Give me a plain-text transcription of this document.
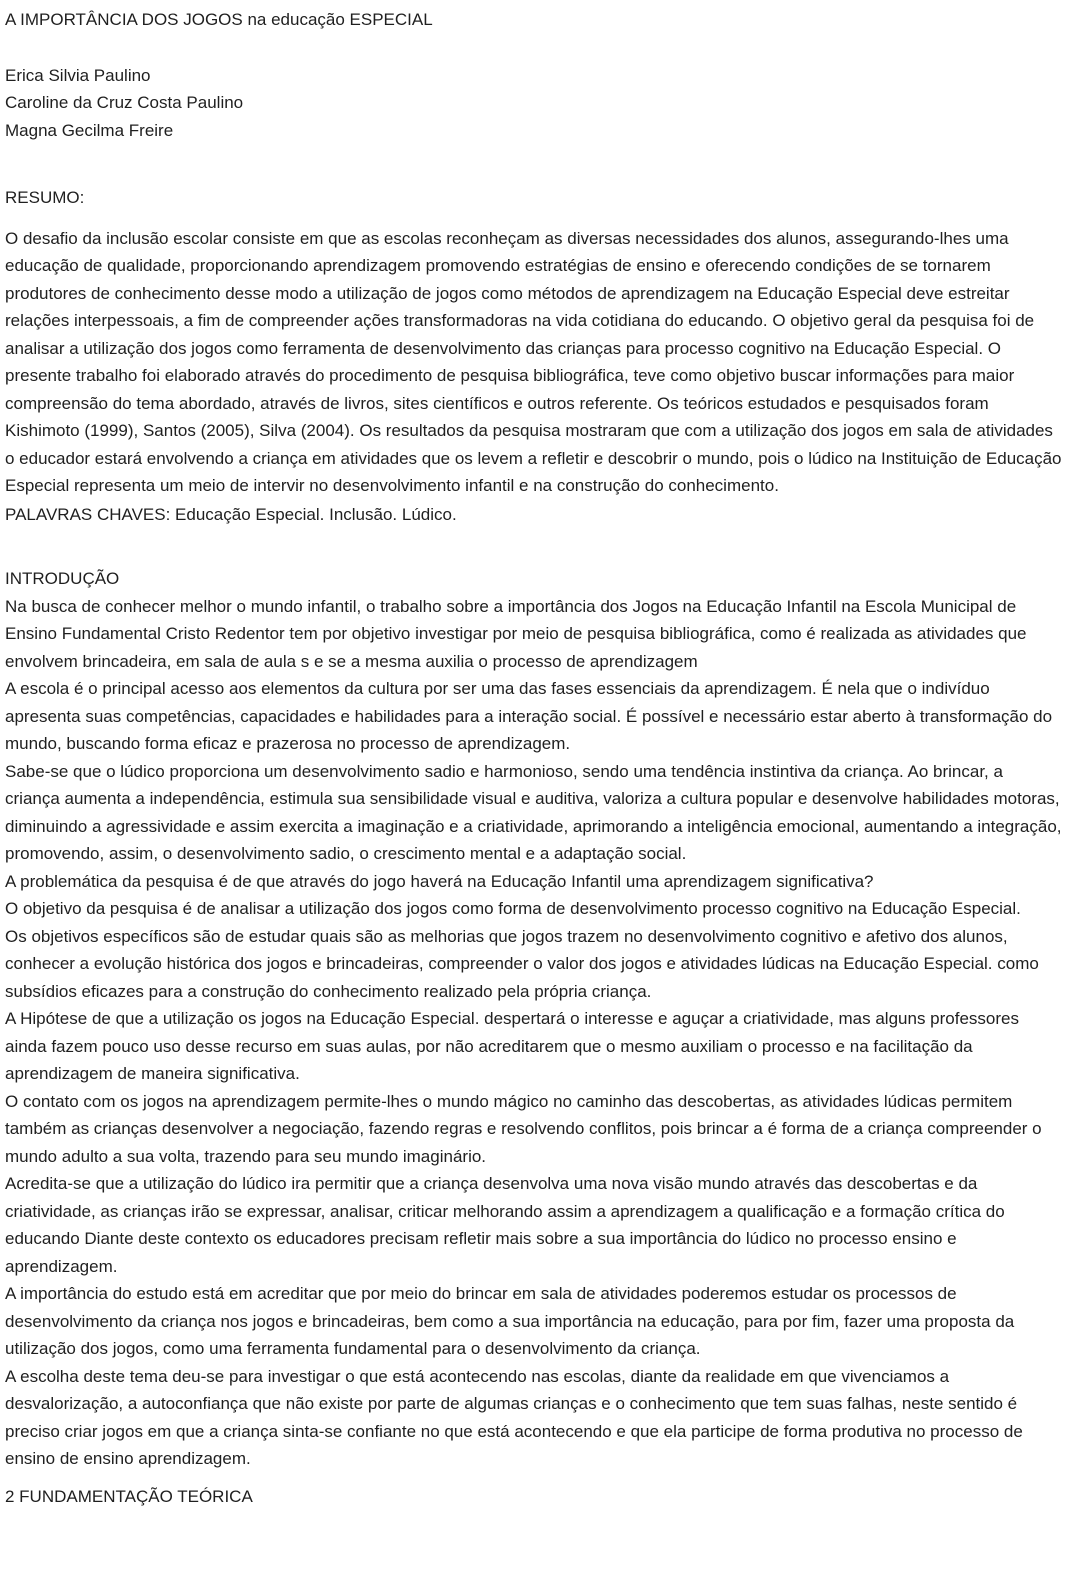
A IMPORTÂNCIA DOS JOGOS na educação ESPECIAL

Erica Silvia Paulino

Caroline da Cruz Costa Paulino

Magna Gecilma Freire

RESUMO:

O desafio da inclusão escolar consiste em que as escolas reconheçam as diversas necessidades dos alunos, assegurando-lhes uma educação de qualidade, proporcionando aprendizagem promovendo estratégias de ensino e oferecendo condições de se tornarem produtores de conhecimento desse modo a utilização de jogos como métodos de aprendizagem na Educação Especial deve estreitar relações interpessoais, a fim de compreender ações transformadoras na vida cotidiana do educando. O objetivo geral da pesquisa foi de analisar a utilização dos jogos como ferramenta de desenvolvimento das crianças para processo cognitivo na Educação Especial. O presente trabalho foi elaborado através do procedimento de pesquisa bibliográfica, teve como objetivo buscar informações para maior compreensão do tema abordado, através de livros, sites científicos e outros referente. Os teóricos estudados e pesquisados foram Kishimoto (1999), Santos (2005), Silva (2004). Os resultados da pesquisa mostraram que com a utilização dos jogos em sala de atividades o educador estará envolvendo a criança em atividades que os levem a refletir e descobrir o mundo, pois o lúdico na Instituição de Educação Especial representa um meio de intervir no desenvolvimento infantil e na construção do conhecimento.

PALAVRAS CHAVES: Educação Especial. Inclusão. Lúdico.

INTRODUÇÃO

Na busca de conhecer melhor o mundo infantil, o trabalho sobre a importância dos Jogos na Educação Infantil na Escola Municipal de Ensino Fundamental Cristo Redentor tem por objetivo investigar por meio de pesquisa bibliográfica, como é realizada as atividades que envolvem brincadeira, em sala de aula s e se a mesma auxilia o processo de aprendizagem

A escola é o principal acesso aos elementos da cultura por ser uma das fases essenciais da aprendizagem. É nela que o indivíduo apresenta suas competências, capacidades e habilidades para a interação social. É possível e necessário estar aberto à transformação do mundo, buscando forma eficaz e prazerosa no processo de aprendizagem.

Sabe-se que o lúdico proporciona um desenvolvimento sadio e harmonioso, sendo uma tendência instintiva da criança. Ao brincar, a criança aumenta a independência, estimula sua sensibilidade visual e auditiva, valoriza a cultura popular e desenvolve habilidades motoras, diminuindo a agressividade e assim exercita a imaginação e a criatividade, aprimorando a inteligência emocional, aumentando a integração, promovendo, assim, o desenvolvimento sadio, o crescimento mental e a adaptação social.

A problemática da pesquisa é de que através do jogo haverá na Educação Infantil uma aprendizagem significativa?

O objetivo da pesquisa é de analisar a utilização dos jogos como forma de desenvolvimento processo cognitivo na Educação Especial.

Os objetivos específicos são de estudar quais são as melhorias que jogos trazem no desenvolvimento cognitivo e afetivo dos alunos, conhecer a evolução histórica dos jogos e brincadeiras, compreender o valor dos jogos e atividades lúdicas na Educação Especial. como subsídios eficazes para a construção do conhecimento realizado pela própria criança.

A Hipótese de que a utilização os jogos na Educação Especial. despertará o interesse e aguçar a criatividade, mas alguns professores ainda fazem pouco uso desse recurso em suas aulas, por não acreditarem que o mesmo auxiliam o processo e na facilitação da aprendizagem de maneira significativa.

O contato com os jogos na aprendizagem permite-lhes o mundo mágico no caminho das descobertas, as atividades lúdicas permitem também as crianças desenvolver a negociação, fazendo regras e resolvendo conflitos, pois brincar a é forma de a criança compreender o mundo adulto a sua volta, trazendo para seu mundo imaginário.

Acredita-se que a utilização do lúdico ira permitir que a criança desenvolva uma nova visão mundo através das descobertas e da criatividade, as crianças irão se expressar, analisar, criticar melhorando assim a aprendizagem a qualificação e a formação crítica do educando Diante deste contexto os educadores precisam refletir mais sobre a sua importância do lúdico no processo ensino e aprendizagem.

A importância do estudo está em acreditar que por meio do brincar em sala de atividades poderemos estudar os processos de desenvolvimento da criança nos jogos e brincadeiras, bem como a sua importância na educação, para por fim, fazer uma proposta da utilização dos jogos, como uma ferramenta fundamental para o desenvolvimento da criança.

A escolha deste tema deu-se para investigar o que está acontecendo nas escolas, diante da realidade em que vivenciamos a desvalorização, a autoconfiança que não existe por parte de algumas crianças e o conhecimento que tem suas falhas, neste sentido é preciso criar jogos em que a criança sinta-se confiante no que está acontecendo e que ela participe de forma produtiva no processo de ensino de ensino aprendizagem.

2 FUNDAMENTAÇÃO TEÓRICA
